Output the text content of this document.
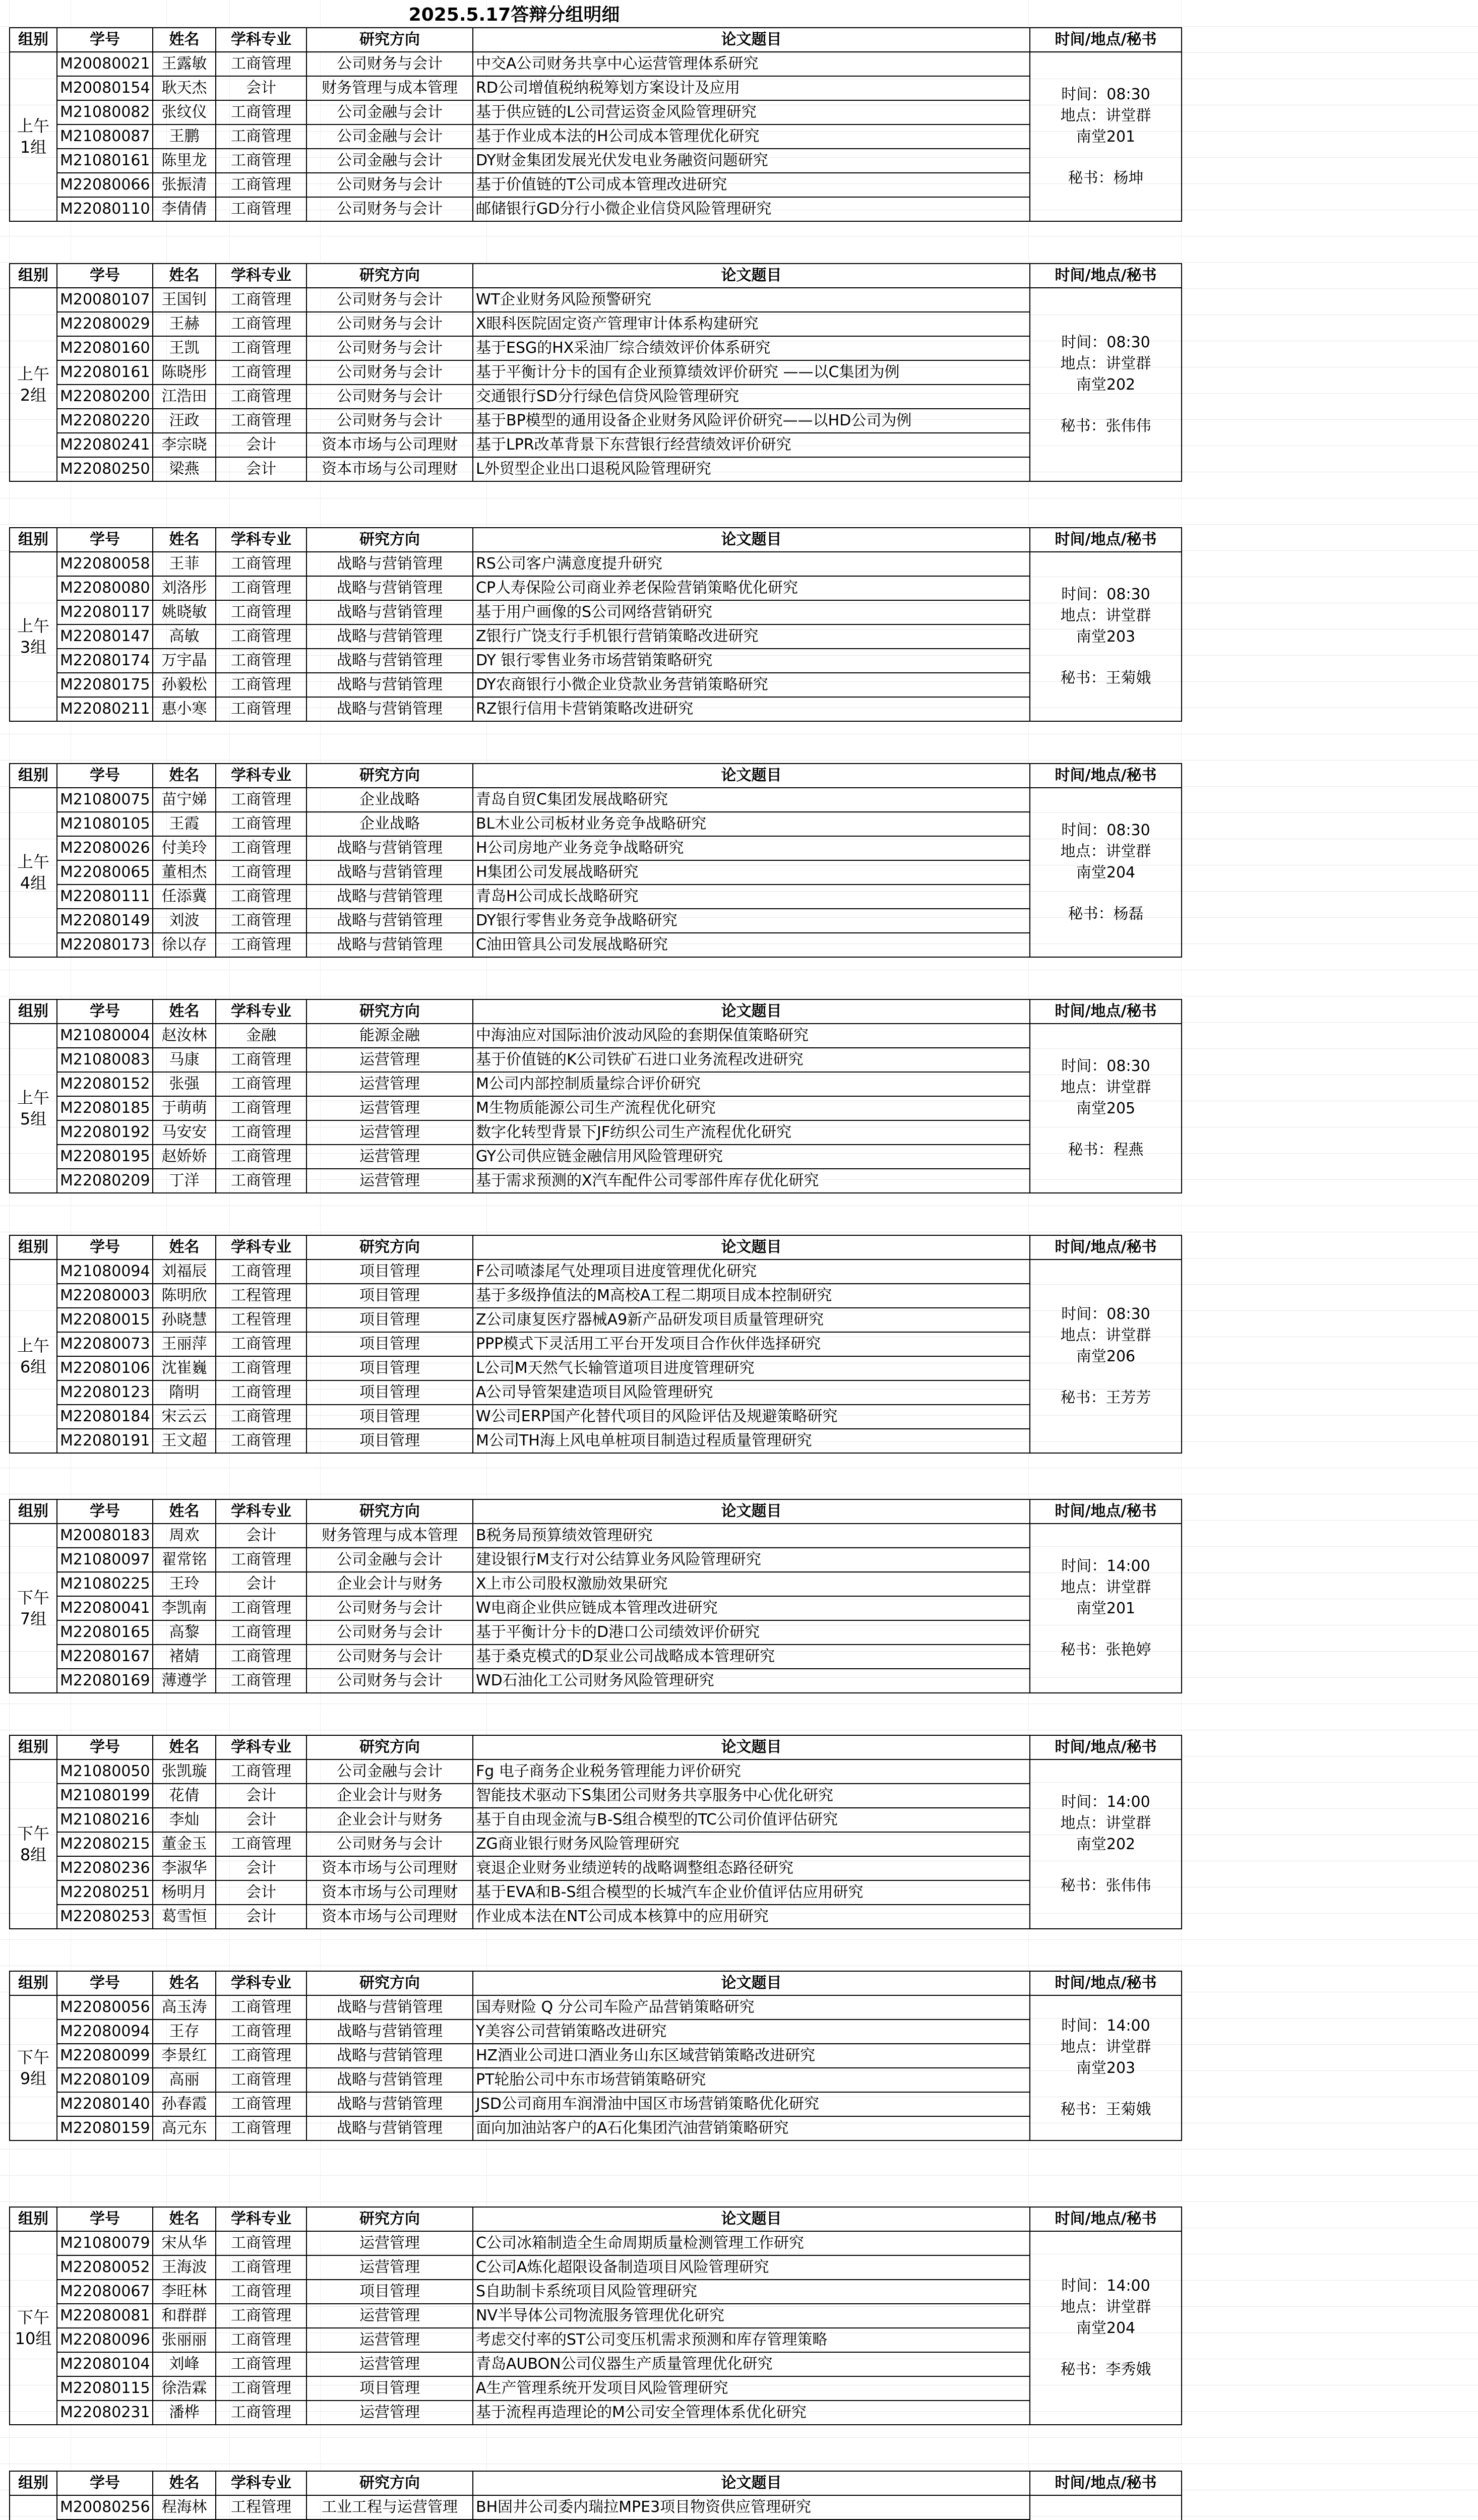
2025.5.17答辩分组明细
组别	学号	姓名	学科专业	研究方向	论文题目	时间/地点/秘书
上午
1组	M20080021	王露敏	工商管理	公司财务与会计	中交A公司财务共享中心运营管理体系研究	时间：08:30
地点：讲堂群
南堂201
秘书：杨坤

	M20080154	耿天杰	会计	财务管理与成本管理	RD公司增值税纳税筹划方案设计及应用	
	M21080082	张纹仪	工商管理	公司金融与会计	基于供应链的L公司营运资金风险管理研究	
	M21080087	王鹏	工商管理	公司金融与会计	基于作业成本法的H公司成本管理优化研究	
	M21080161	陈里龙	工商管理	公司金融与会计	DY财金集团发展光伏发电业务融资问题研究	
	M22080066	张振清	工商管理	公司财务与会计	基于价值链的T公司成本管理改进研究	
	M22080110	李倩倩	工商管理	公司财务与会计	邮储银行GD分行小微企业信贷风险管理研究	
组别	学号	姓名	学科专业	研究方向	论文题目	时间/地点/秘书
上午
2组	M20080107	王国钊	工商管理	公司财务与会计	WT企业财务风险预警研究	时间：08:30
地点：讲堂群
南堂202
秘书：张伟伟

	M22080029	王赫	工商管理	公司财务与会计	X眼科医院固定资产管理审计体系构建研究	
	M22080160	王凯	工商管理	公司财务与会计	基于ESG的HX采油厂综合绩效评价体系研究	
	M22080161	陈晓彤	工商管理	公司财务与会计	基于平衡计分卡的国有企业预算绩效评价研究 ——以C集团为例	
	M22080200	江浩田	工商管理	公司财务与会计	交通银行SD分行绿色信贷风险管理研究	
	M22080220	汪政	工商管理	公司财务与会计	基于BP模型的通用设备企业财务风险评价研究——以HD公司为例	
	M22080241	李宗晓	会计	资本市场与公司理财	基于LPR改革背景下东营银行经营绩效评价研究	
	M22080250	梁燕	会计	资本市场与公司理财	L外贸型企业出口退税风险管理研究	
组别	学号	姓名	学科专业	研究方向	论文题目	时间/地点/秘书
上午
3组	M22080058	王菲	工商管理	战略与营销管理	RS公司客户满意度提升研究	时间：08:30
地点：讲堂群
南堂203
秘书：王菊娥

	M22080080	刘洛彤	工商管理	战略与营销管理	CP人寿保险公司商业养老保险营销策略优化研究	
	M22080117	姚晓敏	工商管理	战略与营销管理	基于用户画像的S公司网络营销研究	
	M22080147	高敏	工商管理	战略与营销管理	Z银行广饶支行手机银行营销策略改进研究	
	M22080174	万宇晶	工商管理	战略与营销管理	DY 银行零售业务市场营销策略研究	
	M22080175	孙毅松	工商管理	战略与营销管理	DY农商银行小微企业贷款业务营销策略研究	
	M22080211	惠小寒	工商管理	战略与营销管理	RZ银行信用卡营销策略改进研究	
组别	学号	姓名	学科专业	研究方向	论文题目	时间/地点/秘书
上午
4组	M21080075	苗宁娣	工商管理	企业战略	青岛自贸C集团发展战略研究	时间：08:30
地点：讲堂群
南堂204
秘书：杨磊

	M21080105	王霞	工商管理	企业战略	BL木业公司板材业务竞争战略研究	
	M22080026	付美玲	工商管理	战略与营销管理	H公司房地产业务竞争战略研究	
	M22080065	董相杰	工商管理	战略与营销管理	H集团公司发展战略研究	
	M22080111	任添冀	工商管理	战略与营销管理	青岛H公司成长战略研究	
	M22080149	刘波	工商管理	战略与营销管理	DY银行零售业务竞争战略研究	
	M22080173	徐以存	工商管理	战略与营销管理	C油田管具公司发展战略研究	
组别	学号	姓名	学科专业	研究方向	论文题目	时间/地点/秘书
上午
5组	M21080004	赵汝林	金融	能源金融	中海油应对国际油价波动风险的套期保值策略研究	时间：08:30
地点：讲堂群
南堂205
秘书：程燕

	M21080083	马康	工商管理	运营管理	基于价值链的K公司铁矿石进口业务流程改进研究	
	M22080152	张强	工商管理	运营管理	M公司内部控制质量综合评价研究	
	M22080185	于萌萌	工商管理	运营管理	M生物质能源公司生产流程优化研究	
	M22080192	马安安	工商管理	运营管理	数字化转型背景下JF纺织公司生产流程优化研究	
	M22080195	赵娇娇	工商管理	运营管理	GY公司供应链金融信用风险管理研究	
	M22080209	丁洋	工商管理	运营管理	基于需求预测的X汽车配件公司零部件库存优化研究	
组别	学号	姓名	学科专业	研究方向	论文题目	时间/地点/秘书
上午
6组	M21080094	刘福辰	工商管理	项目管理	F公司喷漆尾气处理项目进度管理优化研究	时间：08:30
地点：讲堂群
南堂206
秘书：王芳芳

	M22080003	陈明欣	工程管理	项目管理	基于多级挣值法的M高校A工程二期项目成本控制研究	
	M22080015	孙晓慧	工程管理	项目管理	Z公司康复医疗器械A9新产品研发项目质量管理研究	
	M22080073	王丽萍	工商管理	项目管理	PPP模式下灵活用工平台开发项目合作伙伴选择研究	
	M22080106	沈崔巍	工商管理	项目管理	L公司M天然气长输管道项目进度管理研究	
	M22080123	隋明	工商管理	项目管理	A公司导管架建造项目风险管理研究	
	M22080184	宋云云	工商管理	项目管理	W公司ERP国产化替代项目的风险评估及规避策略研究	
	M22080191	王文超	工商管理	项目管理	M公司TH海上风电单桩项目制造过程质量管理研究	
组别	学号	姓名	学科专业	研究方向	论文题目	时间/地点/秘书
下午
7组	M20080183	周欢	会计	财务管理与成本管理	B税务局预算绩效管理研究	时间：14:00
地点：讲堂群
南堂201
秘书：张艳婷

	M21080097	翟常铭	工商管理	公司金融与会计	建设银行M支行对公结算业务风险管理研究	
	M21080225	王玲	会计	企业会计与财务	X上市公司股权激励效果研究	
	M22080041	李凯南	工商管理	公司财务与会计	W电商企业供应链成本管理改进研究	
	M22080165	高黎	工商管理	公司财务与会计	基于平衡计分卡的D港口公司绩效评价研究	
	M22080167	褚婧	工商管理	公司财务与会计	基于桑克模式的D泵业公司战略成本管理研究	
	M22080169	薄遵学	工商管理	公司财务与会计	WD石油化工公司财务风险管理研究	
组别	学号	姓名	学科专业	研究方向	论文题目	时间/地点/秘书
下午
8组	M21080050	张凯璇	工商管理	公司金融与会计	Fg 电子商务企业税务管理能力评价研究	时间：14:00
地点：讲堂群
南堂202
秘书：张伟伟

	M21080199	花倩	会计	企业会计与财务	智能技术驱动下S集团公司财务共享服务中心优化研究	
	M21080216	李灿	会计	企业会计与财务	基于自由现金流与B-S组合模型的TC公司价值评估研究	
	M22080215	董金玉	工商管理	公司财务与会计	ZG商业银行财务风险管理研究	
	M22080236	李淑华	会计	资本市场与公司理财	衰退企业财务业绩逆转的战略调整组态路径研究	
	M22080251	杨明月	会计	资本市场与公司理财	基于EVA和B-S组合模型的长城汽车企业价值评估应用研究	
	M22080253	葛雪恒	会计	资本市场与公司理财	作业成本法在NT公司成本核算中的应用研究	
组别	学号	姓名	学科专业	研究方向	论文题目	时间/地点/秘书
下午
9组	M22080056	高玉涛	工商管理	战略与营销管理	国寿财险 Q 分公司车险产品营销策略研究	时间：14:00
地点：讲堂群
南堂203
秘书：王菊娥

	M22080094	王存	工商管理	战略与营销管理	Y美容公司营销策略改进研究	
	M22080099	李景红	工商管理	战略与营销管理	HZ酒业公司进口酒业务山东区域营销策略改进研究	
	M22080109	高丽	工商管理	战略与营销管理	PT轮胎公司中东市场营销策略研究	
	M22080140	孙春霞	工商管理	战略与营销管理	JSD公司商用车润滑油中国区市场营销策略优化研究	
	M22080159	高元东	工商管理	战略与营销管理	面向加油站客户的A石化集团汽油营销策略研究	
组别	学号	姓名	学科专业	研究方向	论文题目	时间/地点/秘书
下午
10组	M21080079	宋从华	工商管理	运营管理	C公司冰箱制造全生命周期质量检测管理工作研究	时间：14:00
地点：讲堂群
南堂204
秘书：李秀娥

	M22080052	王海波	工商管理	运营管理	C公司A炼化超限设备制造项目风险管理研究	
	M22080067	李旺林	工商管理	项目管理	S自助制卡系统项目风险管理研究	
	M22080081	和群群	工商管理	运营管理	NV半导体公司物流服务管理优化研究	
	M22080096	张丽丽	工商管理	运营管理	考虑交付率的ST公司变压机需求预测和库存管理策略	
	M22080104	刘峰	工商管理	运营管理	青岛AUBON公司仪器生产质量管理优化研究	
	M22080115	徐浩霖	工商管理	项目管理	A生产管理系统开发项目风险管理研究	
	M22080231	潘桦	工商管理	运营管理	基于流程再造理论的M公司安全管理体系优化研究	
组别	学号	姓名	学科专业	研究方向	论文题目	时间/地点/秘书

	M20080256	程海林	工程管理	工业工程与运营管理	BH固井公司委内瑞拉MPE3项目物资供应管理研究	
